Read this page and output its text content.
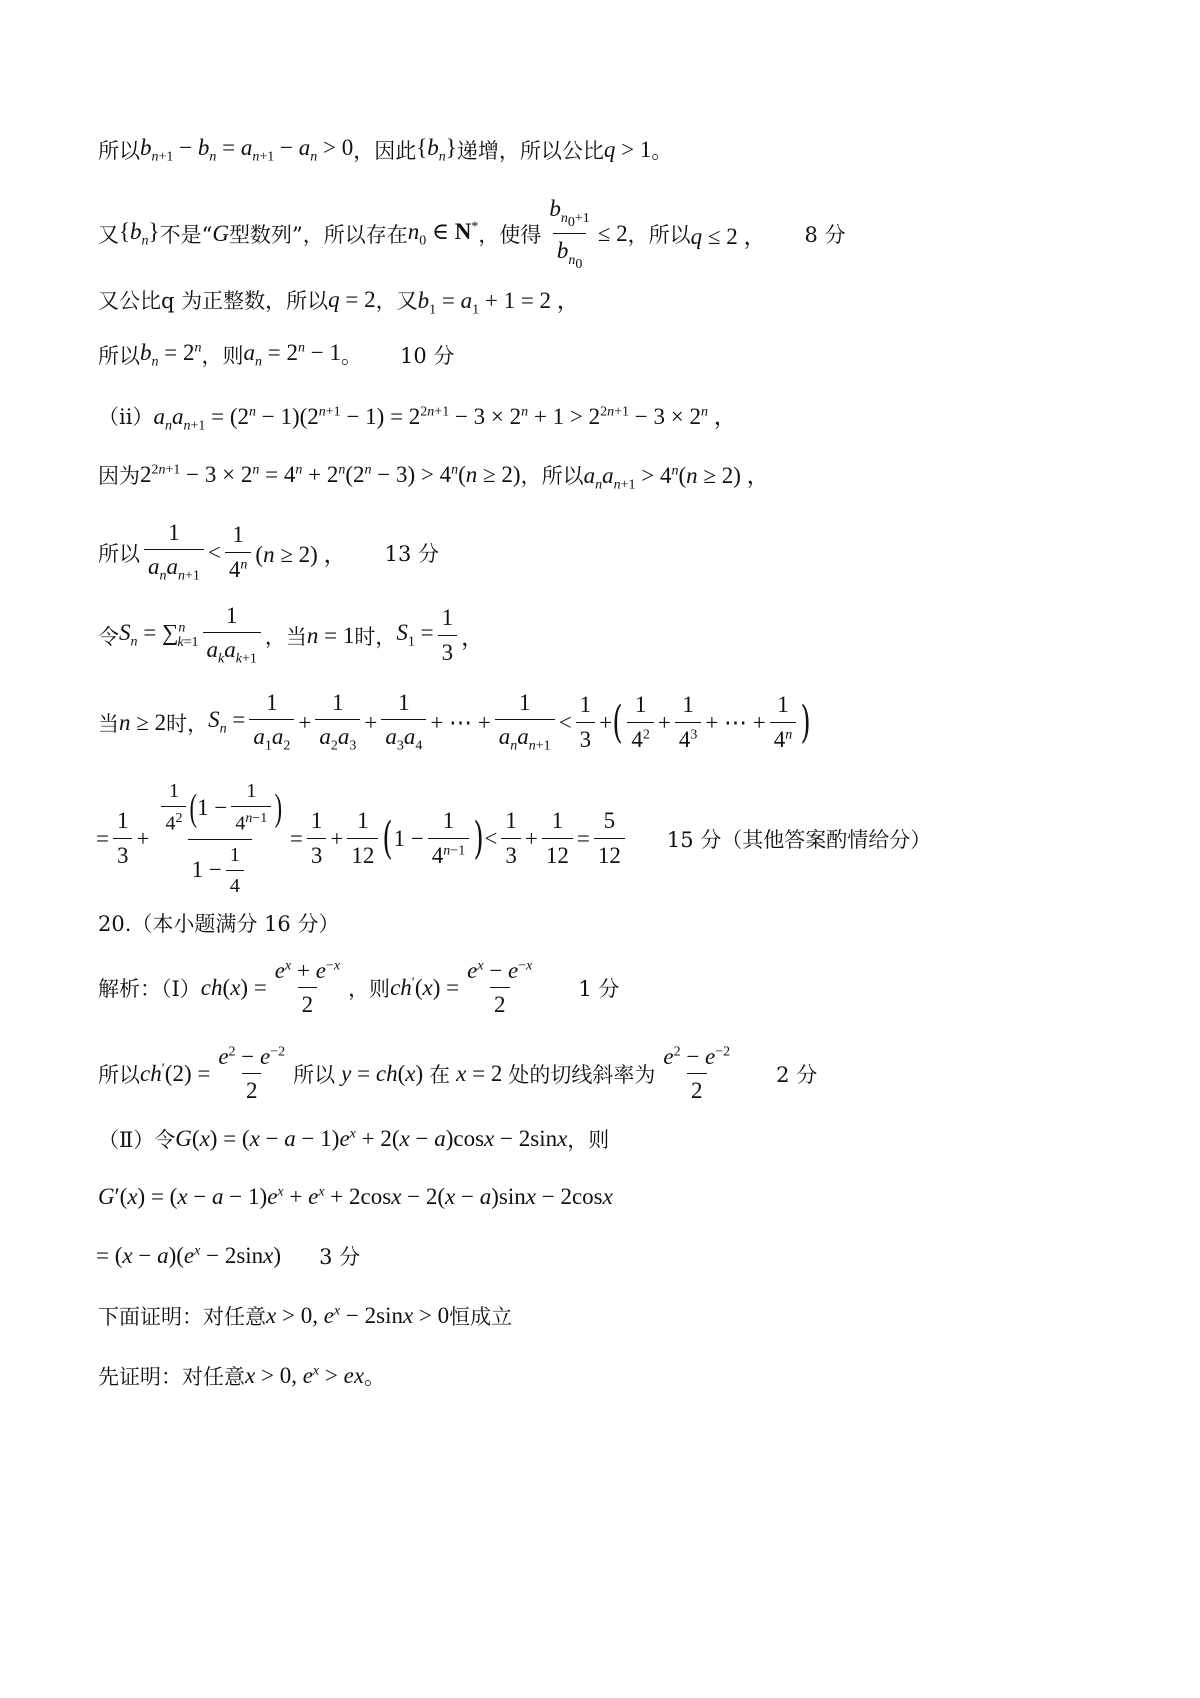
所以 $b_{n+1} - b_n = a_{n+1} - a_n > 0$ ，因此 $\{b_n\}$ 递增，所以公比 q > 1 。
又 $\{b_n\}$ 不是“ G 型数列”，所以存在 $n_0$ ∈ N* ，使得 $\frac{b_{n_0+1}}{b_{n_0}} \le 2$ ，所以 q ≤ 2 ， 8 分
又公比q 为正整数，所以 q = 2 ，又 $b_1 = a_1 + 1 = 2$ ，
所以 $b_n = 2^n$ ，则 $a_n = 2^n - 1$ 。 10 分
（ii） $a_na_{n+1} = (2^n - 1)(2^{n+1} - 1) = 2^{2n+1} - 3 \times 2^n + 1 > 2^{2n+1} - 3 \times 2^n$ ，
因为 $2^{2n+1} - 3 \times 2^n = 4^n + 2^n(2^n - 3) > 4^n(n \ge 2)$ ，所以 $a_na_{n+1} > 4^n(n \ge 2)$ ，
所以 $\frac{1}{a_na_{n+1}} < \frac{1}{4^n} (n \ge 2)$ ， 13 分
令 $S_n = \sum^n_{k=1} \frac{1}{a_ka_{k+1}}$ ，当 n = 1 时， $S_1 = \frac{1}{3}$ ，
当 n ≥ 2 时， $S_n = \frac{1}{a_1a_2} + \frac{1}{a_2a_3} + \frac{1}{a_3a_4}$ + ⋯ + $\frac{1}{a_na_{n+1}} < \frac{1}{3}$ + ( $\frac{1}{4^2} + \frac{1}{4^3}$ + ⋯ + $\frac{1}{4^n}$ )
= $\frac{1}{3} + \frac{\frac{1}{4^2} ( 1 - \frac{1}{4^{n-1}} )}{1 - \frac{1}{4}} = \frac{1}{3} + \frac{1}{12}$ ( $1 - \frac{1}{4^{n-1}}$ ) < $\frac{1}{3} + \frac{1}{12} = \frac{5}{12} 15$ 分（其他答案酌情给分）
20.（本小题满分 16 分）
解析：（Ⅰ） $ch(x) = \frac{e^x + e^{-x}}{2}$ ，则 $ch'(x) = \frac{e^x - e^{-x}}{2} 1$ 分
所以 $ch'(2) = \frac{e^2 - e^{-2}}{2}$ 所以 y = ch(x) 在 x = 2 处的切线斜率为 $\frac{e^2 - e^{-2}}{2} 2$ 分
（Ⅱ）令 $G(x) = (x - a - 1)e^x + 2(x - a)\cos x - 2\sin x$ ，则
$G'(x) = (x - a - 1)e^x + e^x + 2\cos x - 2(x - a)\sin x - 2\cos x$
= $(x - a)(e^x - 2\sin x)$ 3 分
下面证明：对任意 x > 0, $e^x - 2\sin x > 0$ 恒成立
先证明：对任意 x > 0, $e^x$ > ex 。
